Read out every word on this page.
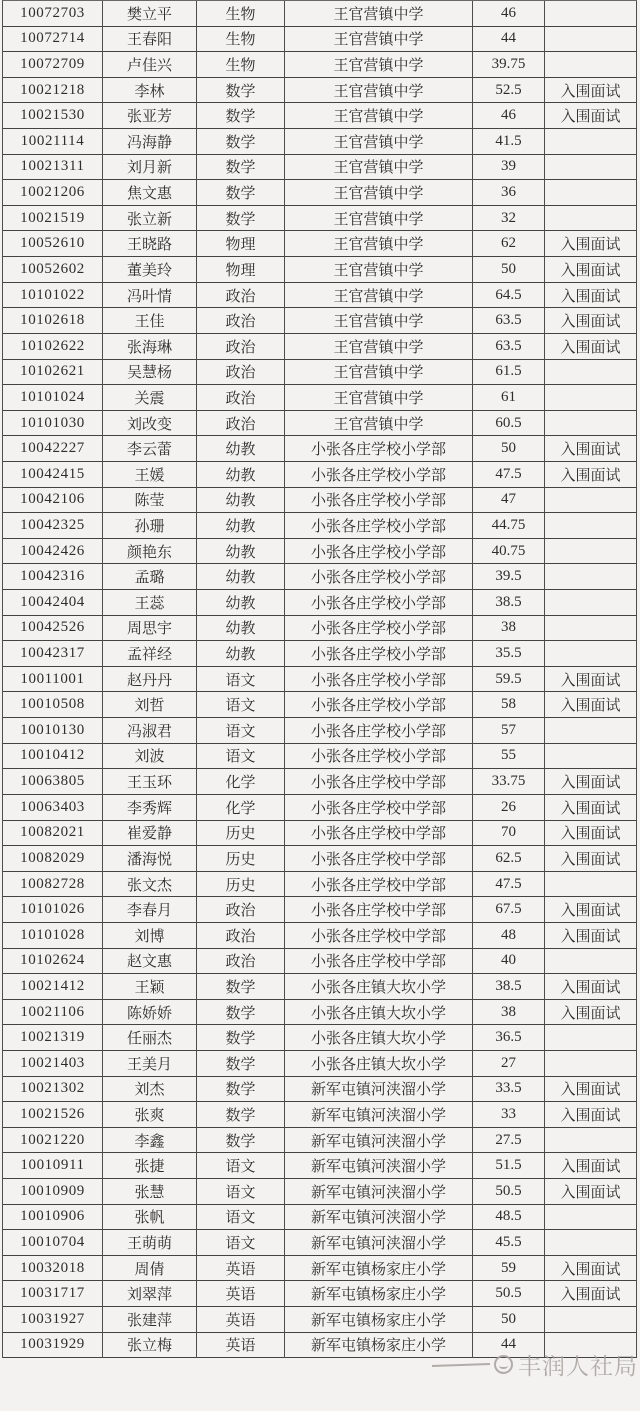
10072703	樊立平	生物	王官营镇中学	46
10072714	王春阳	生物	王官营镇中学	44
10072709	卢佳兴	生物	王官营镇中学	39.75
10021218	李林	数学	王官营镇中学	52.5	入围面试
10021530	张亚芳	数学	王官营镇中学	46	入围面试
10021114	冯海静	数学	王官营镇中学	41.5
10021311	刘月新	数学	王官营镇中学	39
10021206	焦文惠	数学	王官营镇中学	36
10021519	张立新	数学	王官营镇中学	32
10052610	王晓路	物理	王官营镇中学	62	入围面试
10052602	董美玲	物理	王官营镇中学	50	入围面试
10101022	冯叶情	政治	王官营镇中学	64.5	入围面试
10102618	王佳	政治	王官营镇中学	63.5	入围面试
10102622	张海琳	政治	王官营镇中学	63.5	入围面试
10102621	吴慧杨	政治	王官营镇中学	61.5
10101024	关震	政治	王官营镇中学	61
10101030	刘改变	政治	王官营镇中学	60.5
10042227	李云蕾	幼教	小张各庄学校小学部	50	入围面试
10042415	王媛	幼教	小张各庄学校小学部	47.5	入围面试
10042106	陈莹	幼教	小张各庄学校小学部	47
10042325	孙珊	幼教	小张各庄学校小学部	44.75
10042426	颜艳东	幼教	小张各庄学校小学部	40.75
10042316	孟璐	幼教	小张各庄学校小学部	39.5
10042404	王蕊	幼教	小张各庄学校小学部	38.5
10042526	周思宇	幼教	小张各庄学校小学部	38
10042317	孟祥经	幼教	小张各庄学校小学部	35.5
10011001	赵丹丹	语文	小张各庄学校小学部	59.5	入围面试
10010508	刘哲	语文	小张各庄学校小学部	58	入围面试
10010130	冯淑君	语文	小张各庄学校小学部	57
10010412	刘波	语文	小张各庄学校小学部	55
10063805	王玉环	化学	小张各庄学校中学部	33.75	入围面试
10063403	李秀辉	化学	小张各庄学校中学部	26	入围面试
10082021	崔爱静	历史	小张各庄学校中学部	70	入围面试
10082029	潘海悦	历史	小张各庄学校中学部	62.5	入围面试
10082728	张文杰	历史	小张各庄学校中学部	47.5
10101026	李春月	政治	小张各庄学校中学部	67.5	入围面试
10101028	刘博	政治	小张各庄学校中学部	48	入围面试
10102624	赵文惠	政治	小张各庄学校中学部	40
10021412	王颖	数学	小张各庄镇大坎小学	38.5	入围面试
10021106	陈娇娇	数学	小张各庄镇大坎小学	38	入围面试
10021319	任丽杰	数学	小张各庄镇大坎小学	36.5
10021403	王美月	数学	小张各庄镇大坎小学	27
10021302	刘杰	数学	新军屯镇河浃溜小学	33.5	入围面试
10021526	张爽	数学	新军屯镇河浃溜小学	33	入围面试
10021220	李鑫	数学	新军屯镇河浃溜小学	27.5
10010911	张捷	语文	新军屯镇河浃溜小学	51.5	入围面试
10010909	张慧	语文	新军屯镇河浃溜小学	50.5	入围面试
10010906	张帆	语文	新军屯镇河浃溜小学	48.5
10010704	王萌萌	语文	新军屯镇河浃溜小学	45.5
10032018	周倩	英语	新军屯镇杨家庄小学	59	入围面试
10031717	刘翠萍	英语	新军屯镇杨家庄小学	50.5	入围面试
10031927	张建萍	英语	新军屯镇杨家庄小学	50
10031929	张立梅	英语	新军屯镇杨家庄小学	44
丰润人社局
